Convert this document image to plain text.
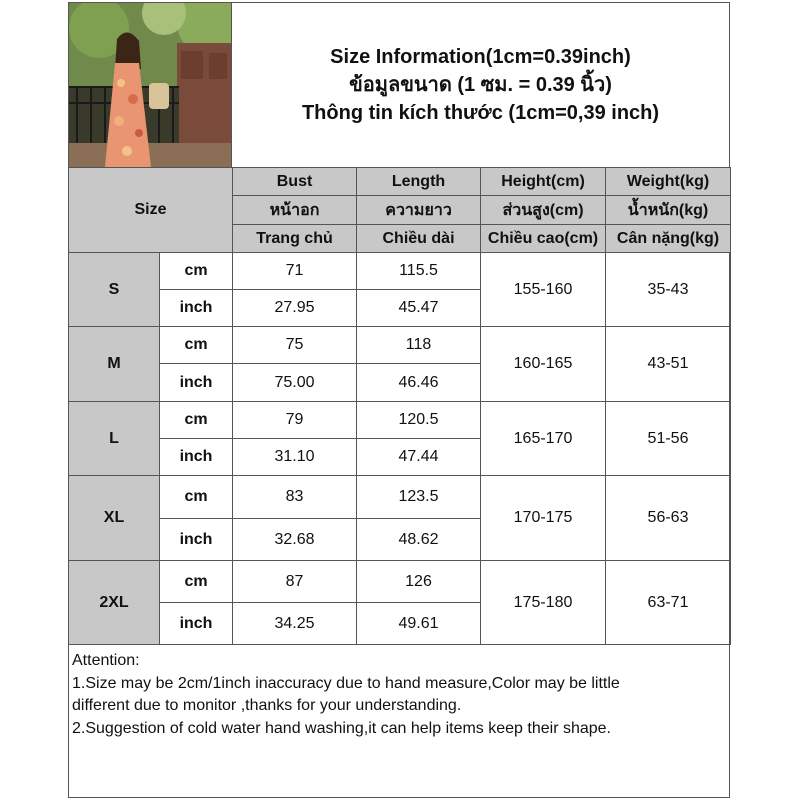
Size Information(1cm=0.39inch)
ข้อมูลขนาด (1 ซม. = 0.39 นิ้ว)
Thông tin kích thước (1cm=0,39 inch)
Size		Bust	Length	Height(cm)	Weight(kg)
		หน้าอก	ความยาว	ส่วนสูง(cm)	น้ำหนัก(kg)
		Trang chủ	Chiều dài	Chiều cao(cm)	Cân nặng(kg)
S	cm	71	115.5	155-160	35-43
	inch	27.95	45.47		
M	cm	75	118	160-165	43-51
	inch	75.00	46.46		
L	cm	79	120.5	165-170	51-56
	inch	31.10	47.44		
XL	cm	83	123.5	170-175	56-63
	inch	32.68	48.62		
2XL	cm	87	126	175-180	63-71
	inch	34.25	49.61		
Attention:
1.Size may be 2cm/1inch inaccuracy due to hand measure,Color may be little
different due to monitor ,thanks for your understanding.
2.Suggestion of cold water hand washing,it can help items keep their shape.
